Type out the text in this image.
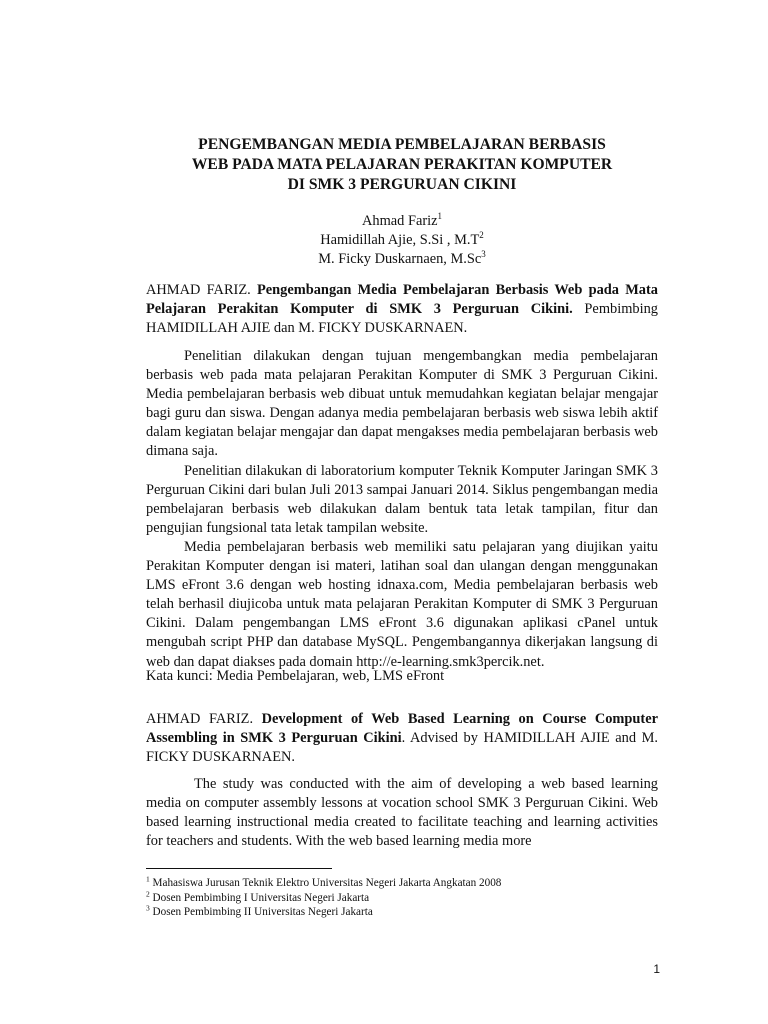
PENGEMBANGAN MEDIA PEMBELAJARAN BERBASIS
WEB PADA MATA PELAJARAN PERAKITAN KOMPUTER
DI SMK 3 PERGURUAN CIKINI
Ahmad Fariz$^1$
Hamidillah Ajie, S.Si , $M.T^2$
M. Ficky Duskarnaen, M.Sc$^3$

AHMAD FARIZ. Pengembangan Media Pembelajaran Berbasis Web pada Mata Pelajaran Perakitan Komputer di SMK 3 Perguruan Cikini. Pembimbing HAMIDILLAH AJIE dan M. FICKY DUSKARNAEN.

Penelitian dilakukan dengan tujuan mengembangkan media pembelajaran berbasis web pada mata pelajaran Perakitan Komputer di SMK 3 Perguruan Cikini. Media pembelajaran berbasis web dibuat untuk memudahkan kegiatan belajar mengajar bagi guru dan siswa. Dengan adanya media pembelajaran berbasis web siswa lebih aktif dalam kegiatan belajar mengajar dan dapat mengakses media pembelajaran berbasis web dimana saja.

Penelitian dilakukan di laboratorium komputer Teknik Komputer Jaringan SMK 3 Perguruan Cikini dari bulan Juli 2013 sampai Januari 2014. Siklus pengembangan media pembelajaran berbasis web dilakukan dalam bentuk tata letak tampilan, fitur dan pengujian fungsional tata letak tampilan website.

Media pembelajaran berbasis web memiliki satu pelajaran yang diujikan yaitu Perakitan Komputer dengan isi materi, latihan soal dan ulangan dengan menggunakan LMS eFront 3.6 dengan web hosting idnaxa.com, Media pembelajaran berbasis web telah berhasil diujicoba untuk mata pelajaran Perakitan Komputer di SMK 3 Perguruan Cikini. Dalam pengembangan LMS eFront 3.6 digunakan aplikasi cPanel untuk mengubah script PHP dan database MySQL. Pengembangannya dikerjakan langsung di web dan dapat diakses pada domain http://e-learning.smk3percik.net.

Kata kunci: Media Pembelajaran, web, LMS eFront

AHMAD FARIZ. Development of Web Based Learning on Course Computer Assembling in SMK 3 Perguruan Cikini. Advised by HAMIDILLAH AJIE and M. FICKY DUSKARNAEN.

The study was conducted with the aim of developing a web based learning media on computer assembly lessons at vocation school SMK 3 Perguruan Cikini. Web based learning instructional media created to facilitate teaching and learning activities for teachers and students. With the web based learning media more

$^1$ Mahasiswa Jurusan Teknik Elektro Universitas Negeri Jakarta Angkatan 2008
$^2$ Dosen Pembimbing I Universitas Negeri Jakarta
$^3$ Dosen Pembimbing II Universitas Negeri Jakarta
1
